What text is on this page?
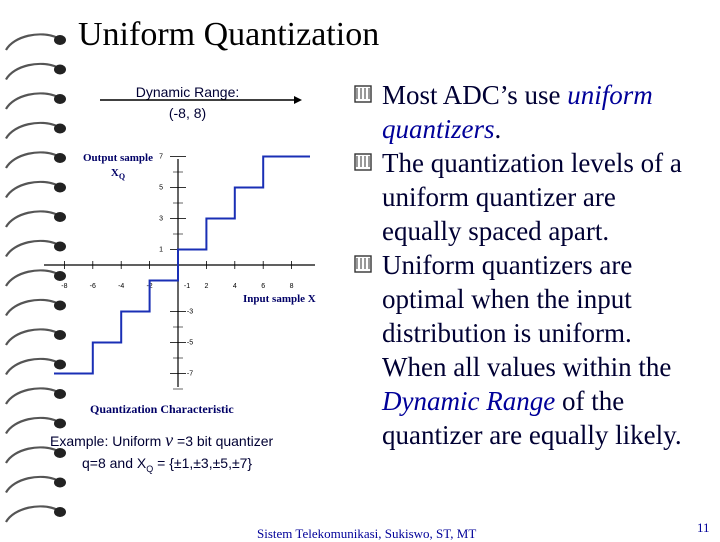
Uniform Quantization
Dynamic Range:
(-8, 8)
-8	-6	-4	-2	-1 2	4	6	8
7
5
3
1
-3
-5
-7
Output sample
$X_Q$
Input sample X
Quantization Characteristic
Example: Uniform ν =3 bit quantizer
q=8 and $X_Q = \{\pm 1,\pm 3,\pm 5,\pm 7\}$

Most ADC’s use uniform quantizers.

The quantization levels of a uniform quantizer are equally spaced apart.

Uniform quantizers are optimal when the input distribution is uniform. When all values within the Dynamic Range of the quantizer are equally likely.

Sistem Telekomunikasi, Sukiswo, ST, MT	11
